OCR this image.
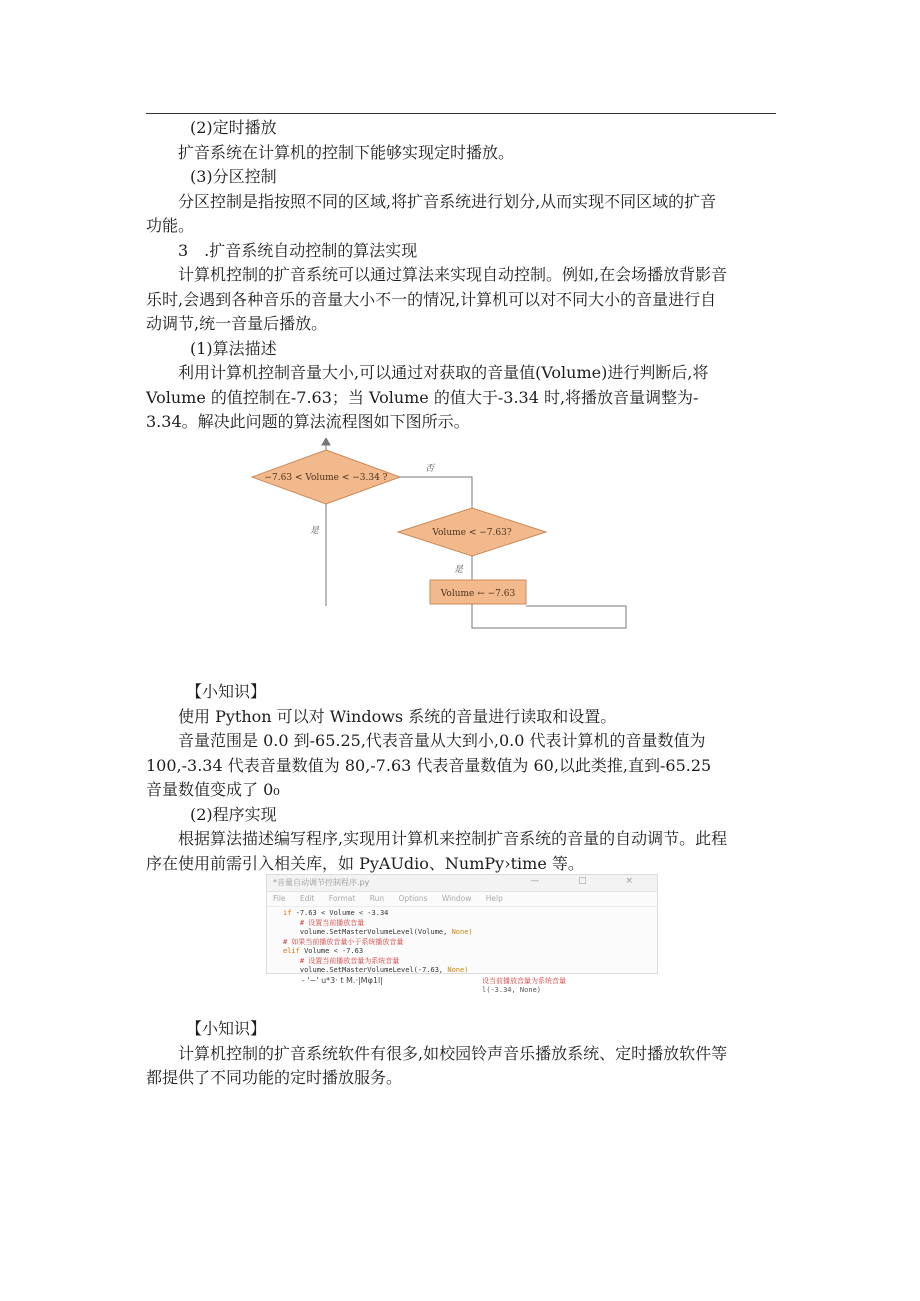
(2)定时播放
扩音系统在计算机的控制下能够实现定时播放。
(3)分区控制
分区控制是指按照不同的区域,将扩音系统进行划分,从而实现不同区域的扩音
功能。
3　.扩音系统自动控制的算法实现
计算机控制的扩音系统可以通过算法来实现自动控制。例如,在会场播放背影音
乐时,会遇到各种音乐的音量大小不一的情况,计算机可以对不同大小的音量进行自
动调节,统一音量后播放。
(1)算法描述
利用计算机控制音量大小,可以通过对获取的音量值(Volume)进行判断后,将
Volume 的值控制在-7.63；当 Volume 的值大于-3.34 时,将播放音量调整为-
3.34。解决此问题的算法流程图如下图所示。
−7.63 < Volume < −3.34 ?
否
是	Volume < −7.63?
是
Volume ← −7.63
【小知识】
使用 Python 可以对 Windows 系统的音量进行读取和设置。
音量范围是 0.0 到-65.25,代表音量从大到小,0.0 代表计算机的音量数值为
100,-3.34 代表音量数值为 80,-7.63 代表音量数值为 60,以此类推,直到-65.25
音量数值变成了 0₀
(2)程序实现
根据算法描述编写程序,实现用计算机来控制扩音系统的音量的自动调节。此程
序在使用前需引入相关库，如 PyAUdio、NumPy›time 等。
*音量自动调节控制程序.py	— □ ×
File Edit Format Run Options Window Help
if -7.63 < Volume < -3.34
# 设置当前播放音量
volume.SetMasterVolumeLevel(Volume, None)
# 如果当前播放音量小于系统播放音量
elif Volume < -7.63
# 设置当前播放音量为系统音量
volume.SetMasterVolumeLevel(-7.63, None)
- '~' u*3· t M.·|Mφ1l|	设当前播放音量为系统音量
l(-3.34, None)
【小知识】
计算机控制的扩音系统软件有很多,如校园铃声音乐播放系统、定时播放软件等
都提供了不同功能的定时播放服务。
